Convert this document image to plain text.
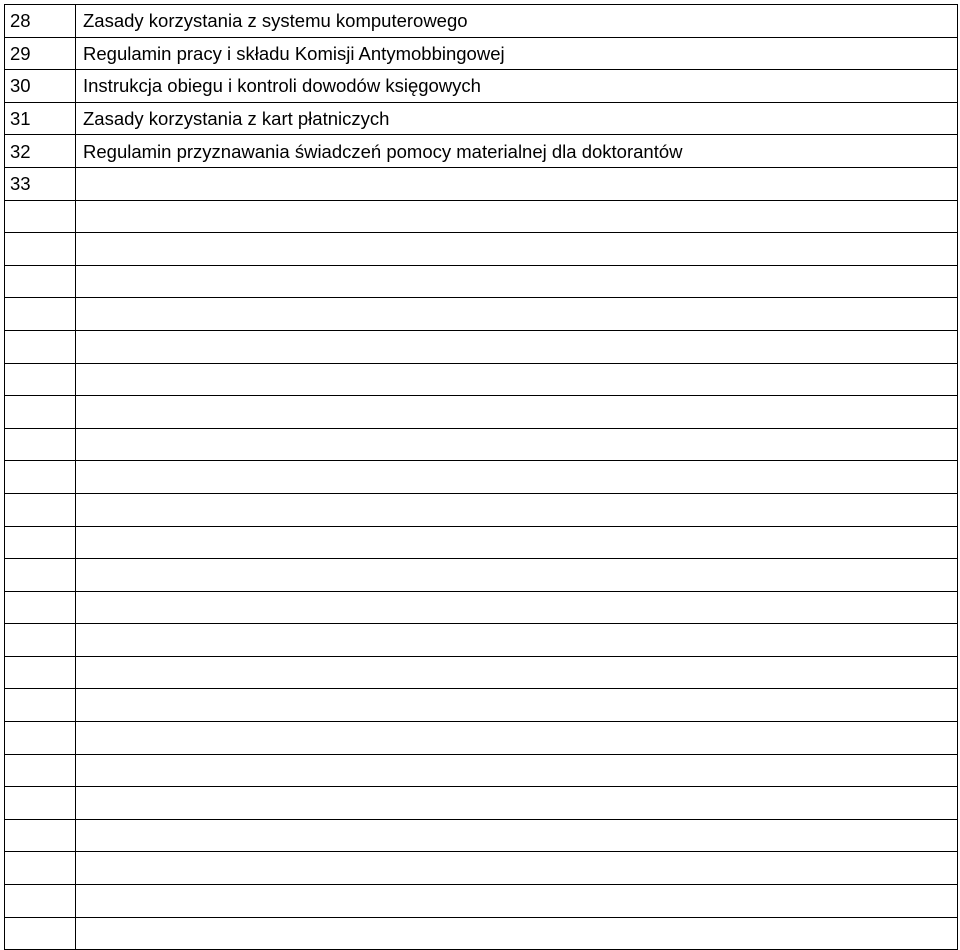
28	Zasady korzystania z systemu komputerowego
29	Regulamin pracy i składu Komisji Antymobbingowej
30	Instrukcja obiegu i kontroli dowodów księgowych
31	Zasady korzystania z kart płatniczych
32	Regulamin przyznawania świadczeń pomocy materialnej dla doktorantów
33	
